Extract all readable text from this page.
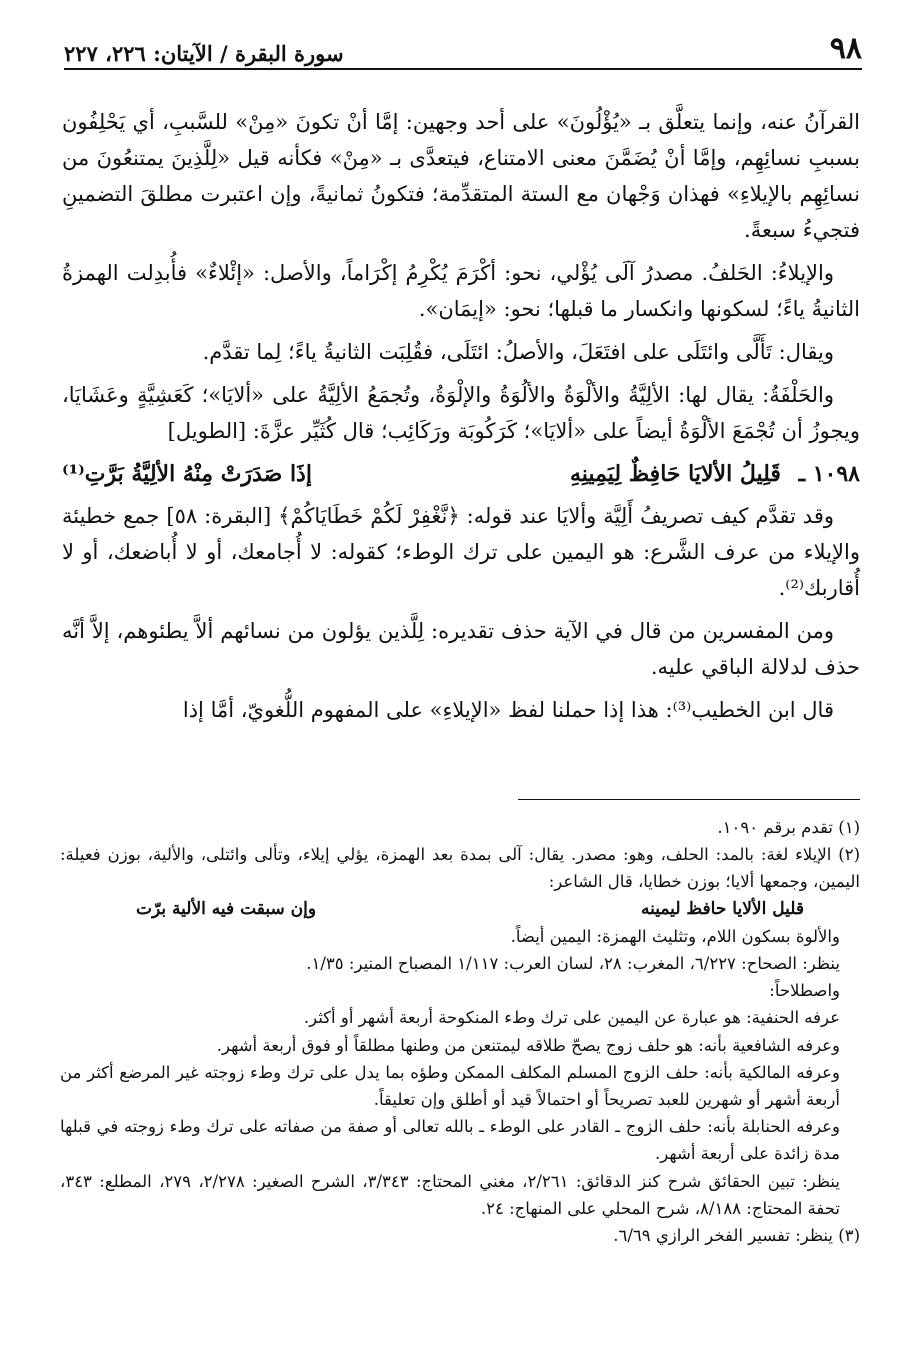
٩٨
سورة البقرة / الآيتان: ٢٢٦، ٢٢٧

القرآنُ عنه، وإنما يتعلَّق بـ «يُؤْلُونَ» على أحد وجهين: إمَّا أنْ تكونَ «مِنْ» للسَّببِ، أي يَحْلِفُون بسببِ نسائِهِم، وإمَّا أنْ يُضَمَّنَ معنى الامتناع، فيتعدَّى بـ «مِنْ» فكأنه قيل «لِلَّذِينَ يمتنعُونَ من نسائِهِم بالإيلاءِ» فهذان وَجْهان مع الستة المتقدِّمة؛ فتكونُ ثمانيةً، وإن اعتبرت مطلقَ التضمينِ فتجيءُ سبعةً.

والإيلاءُ: الحَلفُ. مصدرُ آلَى يُؤْلي، نحو: أكْرَمَ يُكْرِمُ إكْرَاماً، والأصل: «إئْلاءٌ» فأُبدِلت الهمزةُ الثانيةُ ياءً؛ لسكونها وانكسار ما قبلها؛ نحو: «إيمَان».

ويقال: تَأَلَّى وائتَلَى على افتَعَلَ، والأصلُ: ائتَلَى، فقُلِبَت الثانيةُ ياءً؛ لِما تقدَّم.

والحَلْفَةُ: يقال لها: الألِيَّةُ والألْوَةُ والألُوَةُ والإلْوَةُ، وتُجمَعُ الألِيَّةُ على «ألايَا»؛ كَعَشِيَّةٍ وعَشَايَا، ويجوزُ أن تُجْمَعَ الألْوَةُ أيضاً على «ألايَا»؛ كَرَكُوبَة ورَكَائِب؛ قال كُثَيِّر عزَّةَ: [الطويل]

١٠٩٨ ـ قَلِيلُ الألايَا حَافِظٌ لِيَمِينِهِ
إذَا صَدَرَتْ مِنْهُ الألِيَّةُ بَرَّتِ⁽¹⁾

وقد تقدَّم كيف تصريفُ أَلِيَّة وألايَا عند قوله: ﴿نَّغْفِرْ لَكُمْ خَطَايَاكُمْ﴾ [البقرة: ٥٨] جمع خطيئة والإيلاء من عرف الشَّرع: هو اليمين على ترك الوطء؛ كقوله: لا أُجامعك، أو لا أُباضعك، أو لا أُقاربك⁽²⁾.

ومن المفسرين من قال في الآية حذف تقديره: لِلَّذين يؤلون من نسائهم ألاَّ يطئوهم، إلاَّ أنَّه حذف لدلالة الباقي عليه.

قال ابن الخطيب⁽³⁾: هذا إذا حملنا لفظ «الإيلاءِ» على المفهوم اللُّغويّ، أمَّا إذا

(١) تقدم برقم ١٠٩٠.

(٢) الإيلاء لغة: بالمد: الحلف، وهو: مصدر. يقال: آلى بمدة بعد الهمزة، يؤلي إيلاء، وتألى وائتلى، والألية، بوزن فعيلة: اليمين، وجمعها ألايا؛ بوزن خطايا، قال الشاعر:

قليل الألايا حافظ ليمينه
وإن سبقت فيه الألية برّت

والألوة بسكون اللام، وتثليث الهمزة: اليمين أيضاً.

ينظر: الصحاح: ٦/٢٢٧، المغرب: ٢٨، لسان العرب: ١/١١٧ المصباح المنير: ١/٣٥.

واصطلاحاً:

عرفه الحنفية: هو عبارة عن اليمين على ترك وطء المنكوحة أربعة أشهر أو أكثر.

وعرفه الشافعية بأنه: هو حلف زوج يصحّ طلاقه ليمتنعن من وطنها مطلقاً أو فوق أربعة أشهر.

وعرفه المالكية بأنه: حلف الزوج المسلم المكلف الممكن وطؤه بما يدل على ترك وطء زوجته غير المرضع أكثر من أربعة أشهر أو شهرين للعبد تصريحاً أو احتمالاً قيد أو أطلق وإن تعليقاً.

وعرفه الحنابلة بأنه: حلف الزوج ـ القادر على الوطء ـ بالله تعالى أو صفة من صفاته على ترك وطء زوجته في قبلها مدة زائدة على أربعة أشهر.

ينظر: تبين الحقائق شرح كنز الدقائق: ٢/٢٦١، مغني المحتاج: ٣/٣٤٣، الشرح الصغير: ٢/٢٧٨، ٢٧٩، المطلع: ٣٤٣، تحفة المحتاج: ٨/١٨٨، شرح المحلي على المنهاج: ٢٤.

(٣) ينظر: تفسير الفخر الرازي ٦/٦٩.
